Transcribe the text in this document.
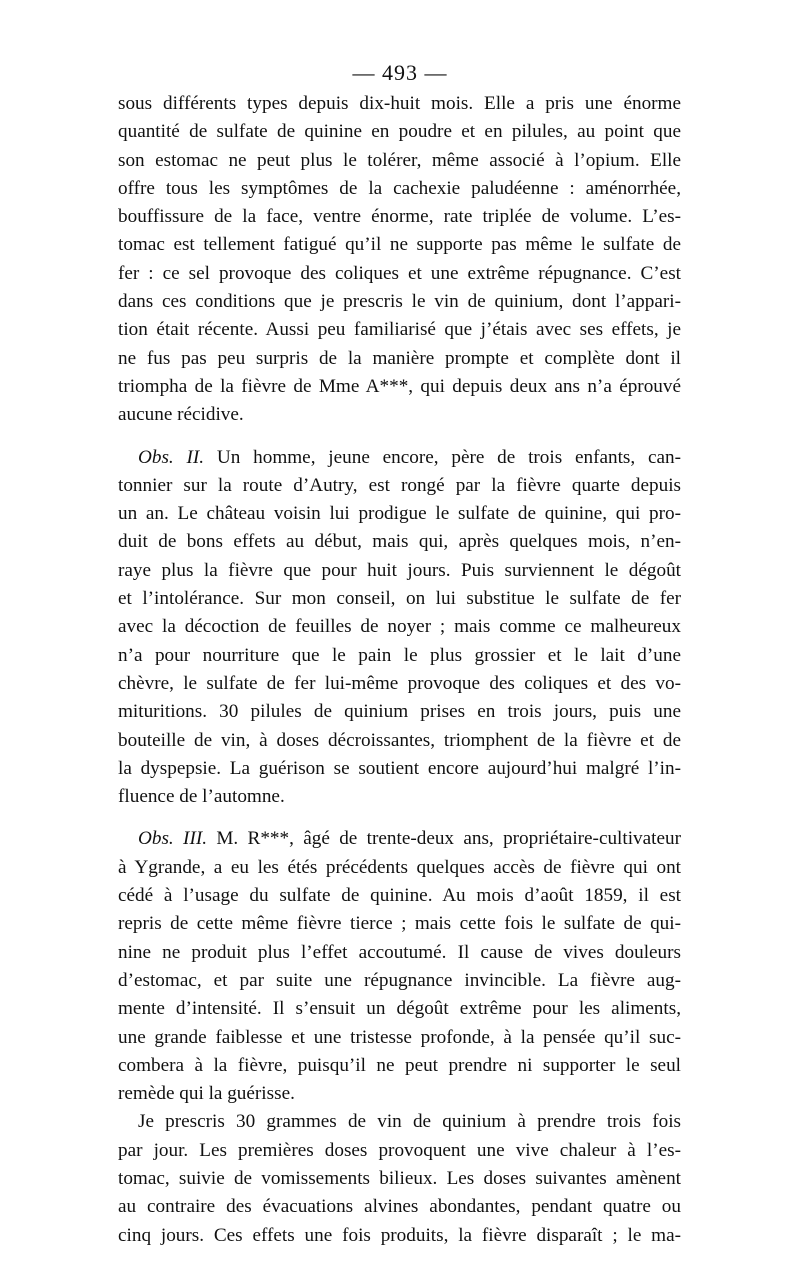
— 493 —

sous différents types depuis dix-huit mois. Elle a pris une énorme
quantité de sulfate de quinine en poudre et en pilules, au point que
son estomac ne peut plus le tolérer, même associé à l’opium. Elle
offre tous les symptômes de la cachexie paludéenne : aménorrhée,
bouffissure de la face, ventre énorme, rate triplée de volume. L’es-
tomac est tellement fatigué qu’il ne supporte pas même le sulfate de
fer : ce sel provoque des coliques et une extrême répugnance. C’est
dans ces conditions que je prescris le vin de quinium, dont l’appari-
tion était récente. Aussi peu familiarisé que j’étais avec ses effets, je
ne fus pas peu surpris de la manière prompte et complète dont il
triompha de la fièvre de Mme A***, qui depuis deux ans n’a éprouvé
aucune récidive.

Obs. II. Un homme, jeune encore, père de trois enfants, can-
tonnier sur la route d’Autry, est rongé par la fièvre quarte depuis
un an. Le château voisin lui prodigue le sulfate de quinine, qui pro-
duit de bons effets au début, mais qui, après quelques mois, n’en-
raye plus la fièvre que pour huit jours. Puis surviennent le dégoût
et l’intolérance. Sur mon conseil, on lui substitue le sulfate de fer
avec la décoction de feuilles de noyer ; mais comme ce malheureux
n’a pour nourriture que le pain le plus grossier et le lait d’une
chèvre, le sulfate de fer lui-même provoque des coliques et des vo-
mituritions. 30 pilules de quinium prises en trois jours, puis une
bouteille de vin, à doses décroissantes, triomphent de la fièvre et de
la dyspepsie. La guérison se soutient encore aujourd’hui malgré l’in-
fluence de l’automne.

Obs. III. M. R***, âgé de trente-deux ans, propriétaire-cultivateur
à Ygrande, a eu les étés précédents quelques accès de fièvre qui ont
cédé à l’usage du sulfate de quinine. Au mois d’août 1859, il est
repris de cette même fièvre tierce ; mais cette fois le sulfate de qui-
nine ne produit plus l’effet accoutumé. Il cause de vives douleurs
d’estomac, et par suite une répugnance invincible. La fièvre aug-
mente d’intensité. Il s’ensuit un dégoût extrême pour les aliments,
une grande faiblesse et une tristesse profonde, à la pensée qu’il suc-
combera à la fièvre, puisqu’il ne peut prendre ni supporter le seul
remède qui la guérisse.

Je prescris 30 grammes de vin de quinium à prendre trois fois
par jour. Les premières doses provoquent une vive chaleur à l’es-
tomac, suivie de vomissements bilieux. Les doses suivantes amènent
au contraire des évacuations alvines abondantes, pendant quatre ou
cinq jours. Ces effets une fois produits, la fièvre disparaît ; le ma-
